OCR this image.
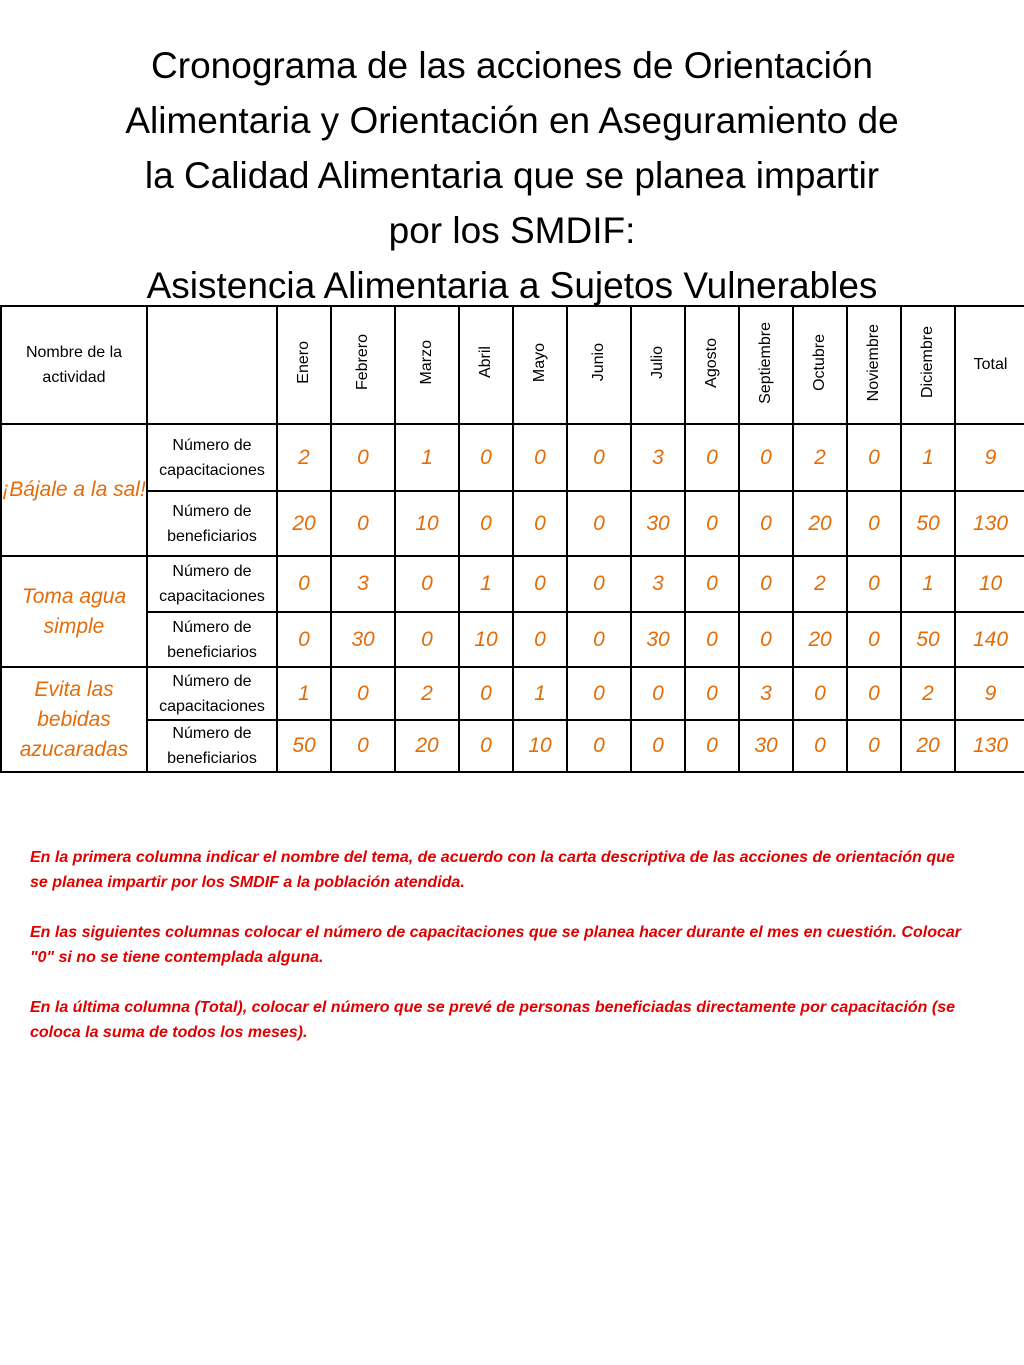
Cronograma de las acciones de Orientación
Alimentaria y Orientación en Aseguramiento de
la Calidad Alimentaria que se planea impartir
por los SMDIF:
Asistencia Alimentaria a Sujetos Vulnerables
Nombre de la actividad		Enero	Febrero	Marzo	Abril	Mayo	Junio	Julio	Agosto	Septiembre	Octubre	Noviembre	Diciembre	Total
¡Bájale a la sal!	Número de capacitaciones	2	0	1	0	0	0	3	0	0	2	0	1	9
	Número de beneficiarios	20	0	10	0	0	0	30	0	0	20	0	50	130
Toma agua simple	Número de capacitaciones	0	3	0	1	0	0	3	0	0	2	0	1	10
	Número de beneficiarios	0	30	0	10	0	0	30	0	0	20	0	50	140
Evita las bebidas azucaradas	Número de capacitaciones	1	0	2	0	1	0	0	0	3	0	0	2	9
	Número de beneficiarios	50	0	20	0	10	0	0	0	30	0	0	20	130

En la primera columna indicar el nombre del tema, de acuerdo con la carta descriptiva de las acciones de orientación que se planea impartir por los SMDIF a la población atendida.

En las siguientes columnas colocar el número de capacitaciones que se planea hacer durante el mes en cuestión. Colocar "0" si no se tiene contemplada alguna.

En la última columna (Total), colocar el número que se prevé de personas beneficiadas directamente por capacitación (se coloca la suma de todos los meses).
